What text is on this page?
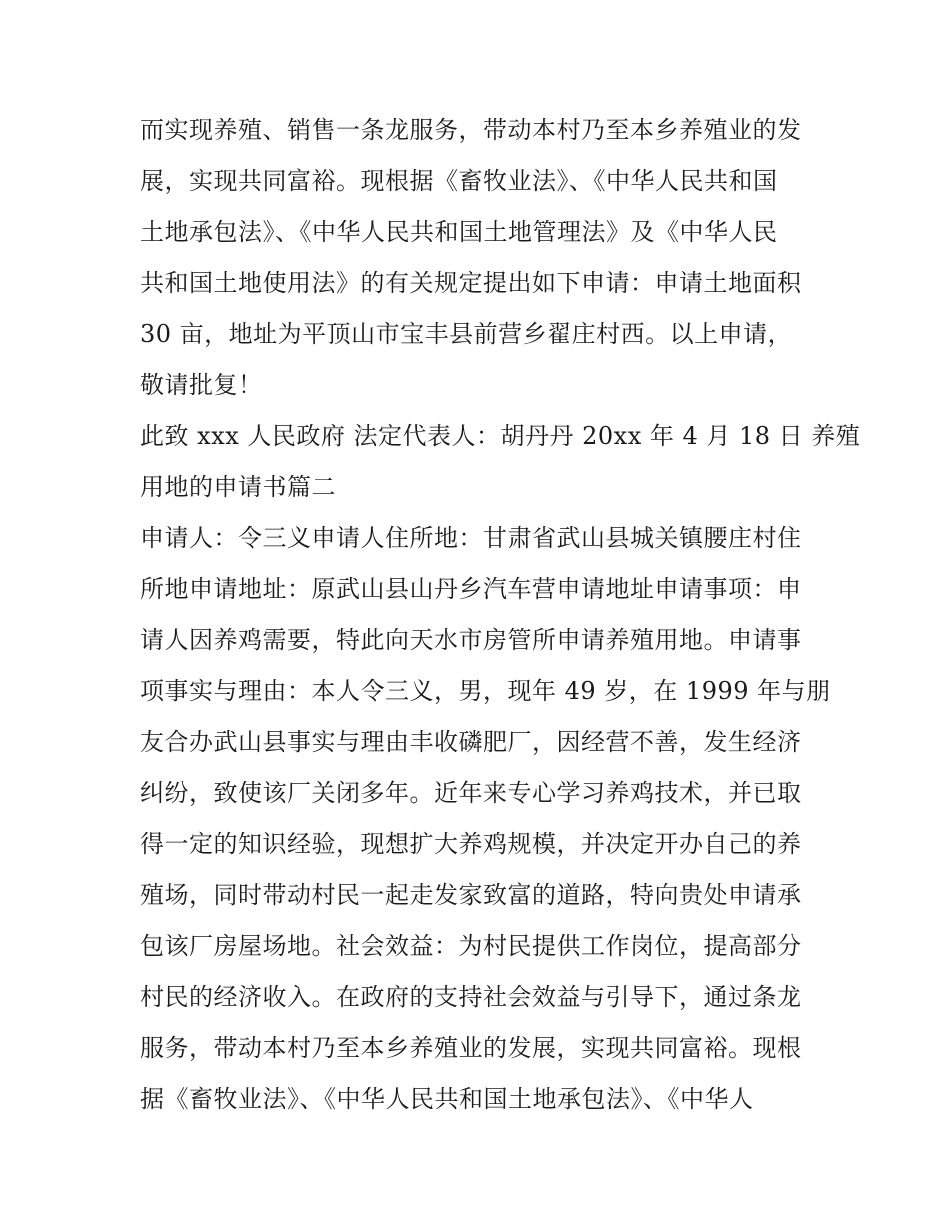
而实现养殖、销售一条龙服务，带动本村乃至本乡养殖业的发

展，实现共同富裕。现根据《畜牧业法》、《中华人民共和国

土地承包法》、《中华人民共和国土地管理法》及《中华人民

共和国土地使用法》的有关规定提出如下申请：申请土地面积

30 亩，地址为平顶山市宝丰县前营乡翟庄村西。以上申请，

敬请批复！

此致 xxx 人民政府 法定代表人：胡丹丹 20xx 年 4 月 18 日 养殖

用地的申请书篇二

申请人：令三义申请人住所地：甘肃省武山县城关镇腰庄村住

所地申请地址：原武山县山丹乡汽车营申请地址申请事项：申

请人因养鸡需要，特此向天水市房管所申请养殖用地。申请事

项事实与理由：本人令三义，男，现年 49 岁，在 1999 年与朋

友合办武山县事实与理由丰收磷肥厂，因经营不善，发生经济

纠纷，致使该厂关闭多年。近年来专心学习养鸡技术，并已取

得一定的知识经验，现想扩大养鸡规模，并决定开办自己的养

殖场，同时带动村民一起走发家致富的道路，特向贵处申请承

包该厂房屋场地。社会效益：为村民提供工作岗位，提高部分

村民的经济收入。在政府的支持社会效益与引导下，通过条龙

服务，带动本村乃至本乡养殖业的发展，实现共同富裕。现根

据《畜牧业法》、《中华人民共和国土地承包法》、《中华人
